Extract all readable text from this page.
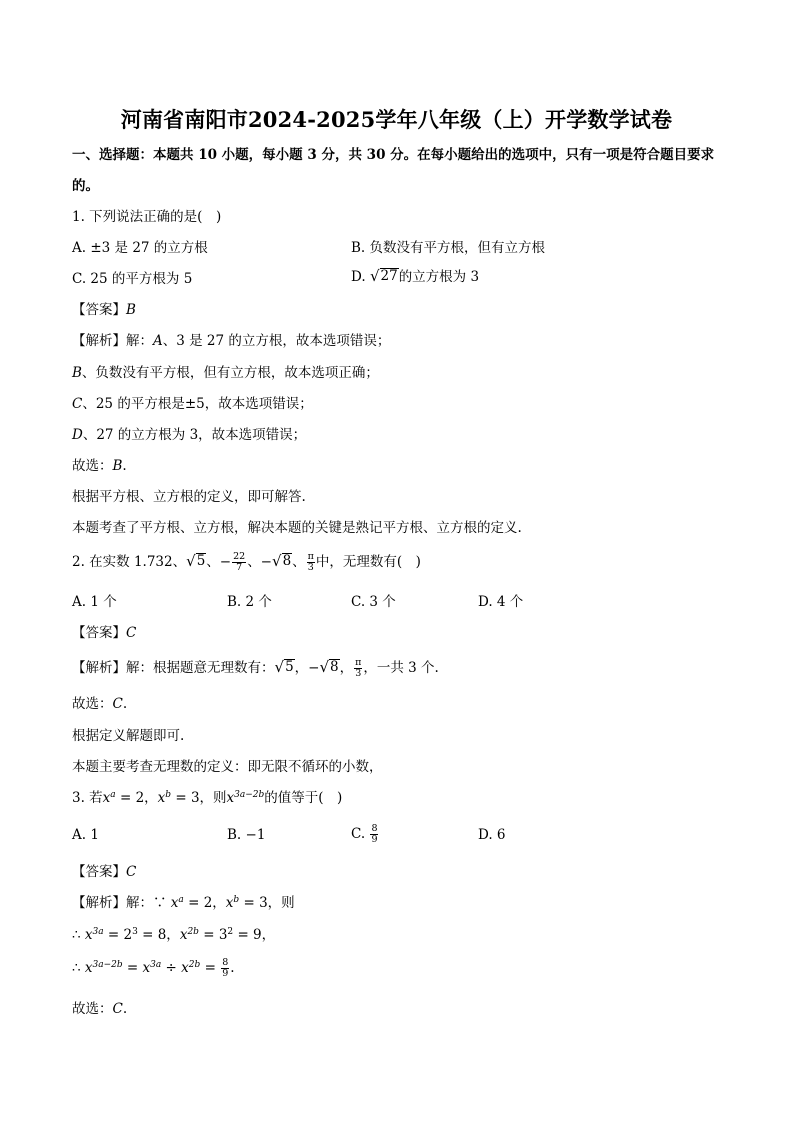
河南省南阳市2024-2025学年八年级（上）开学数学试卷
一、选择题：本题共 10 小题，每小题 3 分，共 30 分。在每小题给出的选项中，只有一项是符合题目要求
的。
1. 下列说法正确的是(　)
A. ±3 是 27 的立方根	B. 负数没有平方根，但有立方根
C. 25 的平方根为 5	D. √ 27 的立方根为 3
【答案】B
【解析】解：A、3 是 27 的立方根，故本选项错误；
B、负数没有平方根，但有立方根，故本选项正确；
C、25 的平方根是±5，故本选项错误；
D、27 的立方根为 3，故本选项错误；
故选：B.
根据平方根、立方根的定义，即可解答.
本题考查了平方根、立方根，解决本题的关键是熟记平方根、立方根的定义.
2. 在实数 1.732、 √ 5 、− $\frac{22}{7}$ 、− √ 8 、 $\frac{\pi}{3}$ 中，无理数有(　)
A. 1 个	B. 2 个	C. 3 个	D. 4 个
【答案】C
【解析】解：根据题意无理数有： √ 5 ，− √ 8 ， $\frac{\pi}{3}$ ，一共 3 个.
故选：C.
根据定义解题即可.
本题主要考查无理数的定义：即无限不循环的小数，
3. 若$x^a = 2$，$x^b = 3$，则$x^{3a-2b}$的值等于(　)
A. 1	B. −1	C. $\frac{8}{9}$	D. 6
【答案】C
【解析】解：∵ $x^a = 2$，$x^b = 3$，则
∴ $x^{3a} = 2^3 = 8$，$x^{2b} = 3^2 = 9$，
∴ $x^{3a-2b} = x^{3a} \div x^{2b} = \frac{8}{9}$ .
故选：C.
